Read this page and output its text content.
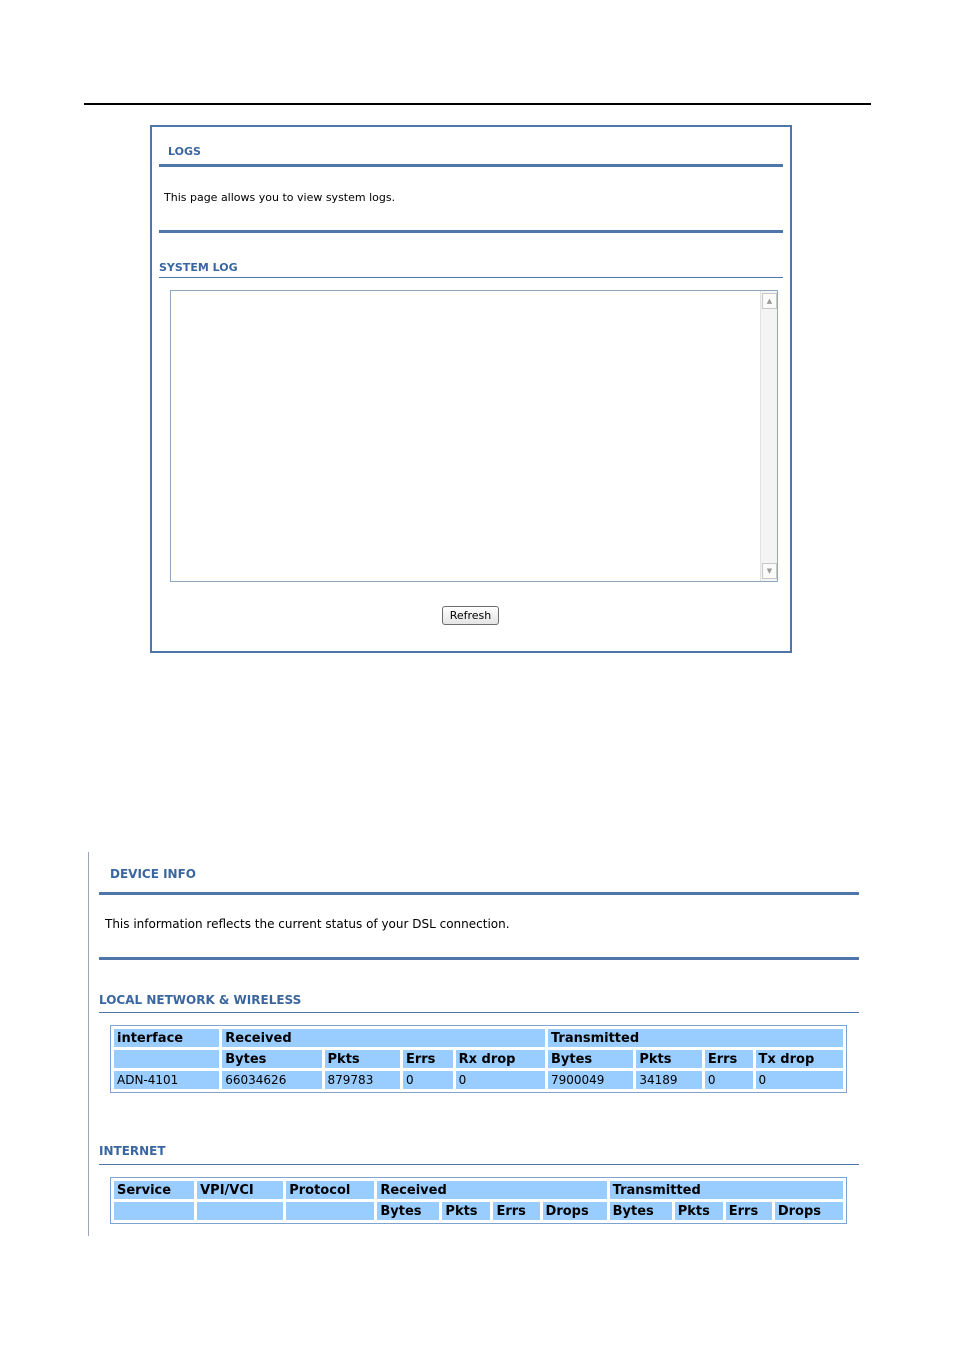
LOGS
This page allows you to view system logs.
SYSTEM LOG
▲
▼
Refresh
DEVICE INFO
This information reflects the current status of your DSL connection.
LOCAL NETWORK & WIRELESS
interface	Received				Transmitted			
	Bytes	Pkts	Errs	Rx drop	Bytes	Pkts	Errs	Tx drop
ADN-4101	66034626	879783	0	0	7900049	34189	0	0
INTERNET
Service	VPI/VCI	Protocol	Received				Transmitted			
			Bytes	Pkts	Errs	Drops	Bytes	Pkts	Errs	Drops
